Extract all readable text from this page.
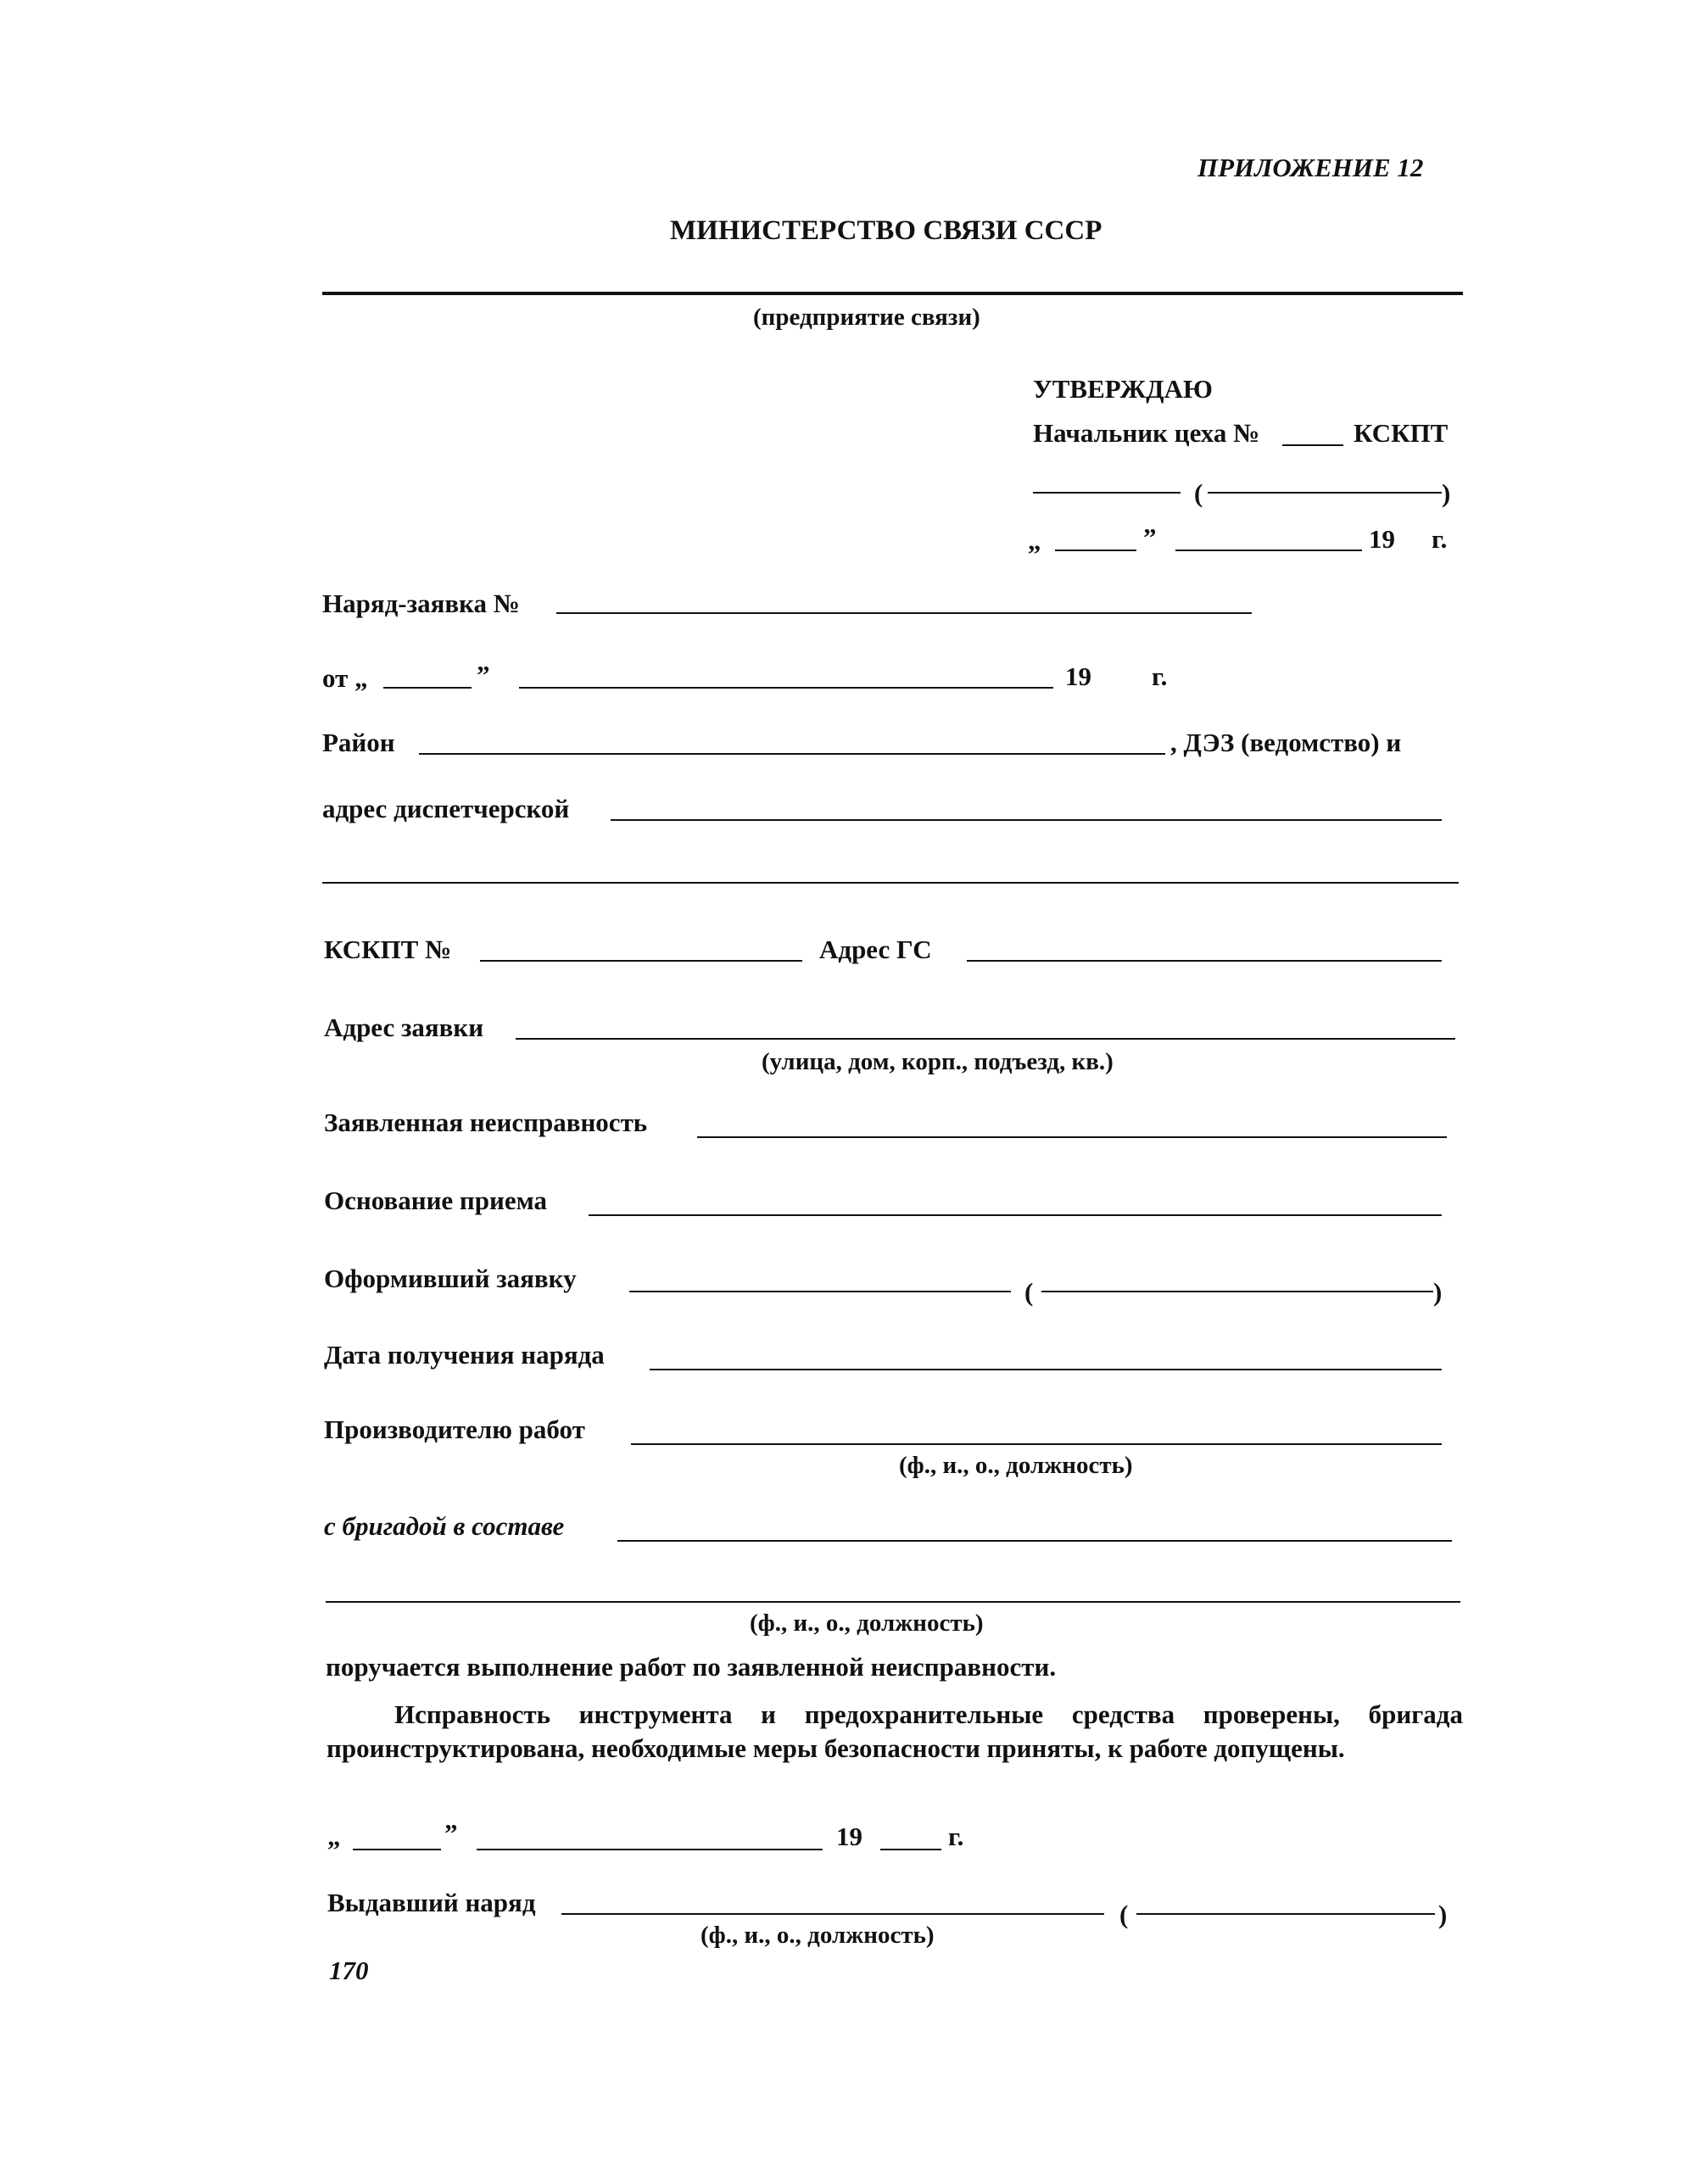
ПРИЛОЖЕНИЕ 12
МИНИСТЕРСТВО СВЯЗИ СССР
(предприятие связи)
УТВЕРЖДАЮ
Начальник цеха №	КСКПТ
(	)
„	”	19 г.
Наряд-заявка №
от „	”	19 г.
Район	, ДЭЗ (ведомство) и
адрес диспетчерской
КСКПТ №	Адрес ГС
Адрес заявки
(улица, дом, корп., подъезд, кв.)
Заявленная неисправность
Основание приема
Оформивший заявку	(	)
Дата получения наряда
Производителю работ
(ф., и., о., должность)
с бригадой в составе
(ф., и., о., должность)
поручается выполнение работ по заявленной неисправности.
Исправность инструмента и предохранительные средства проверены, бригада проинструктирована, необходимые меры безопасности приняты, к работе допущены.
„	”	19	г.
Выдавший наряд	(	)
(ф., и., о., должность)
170
